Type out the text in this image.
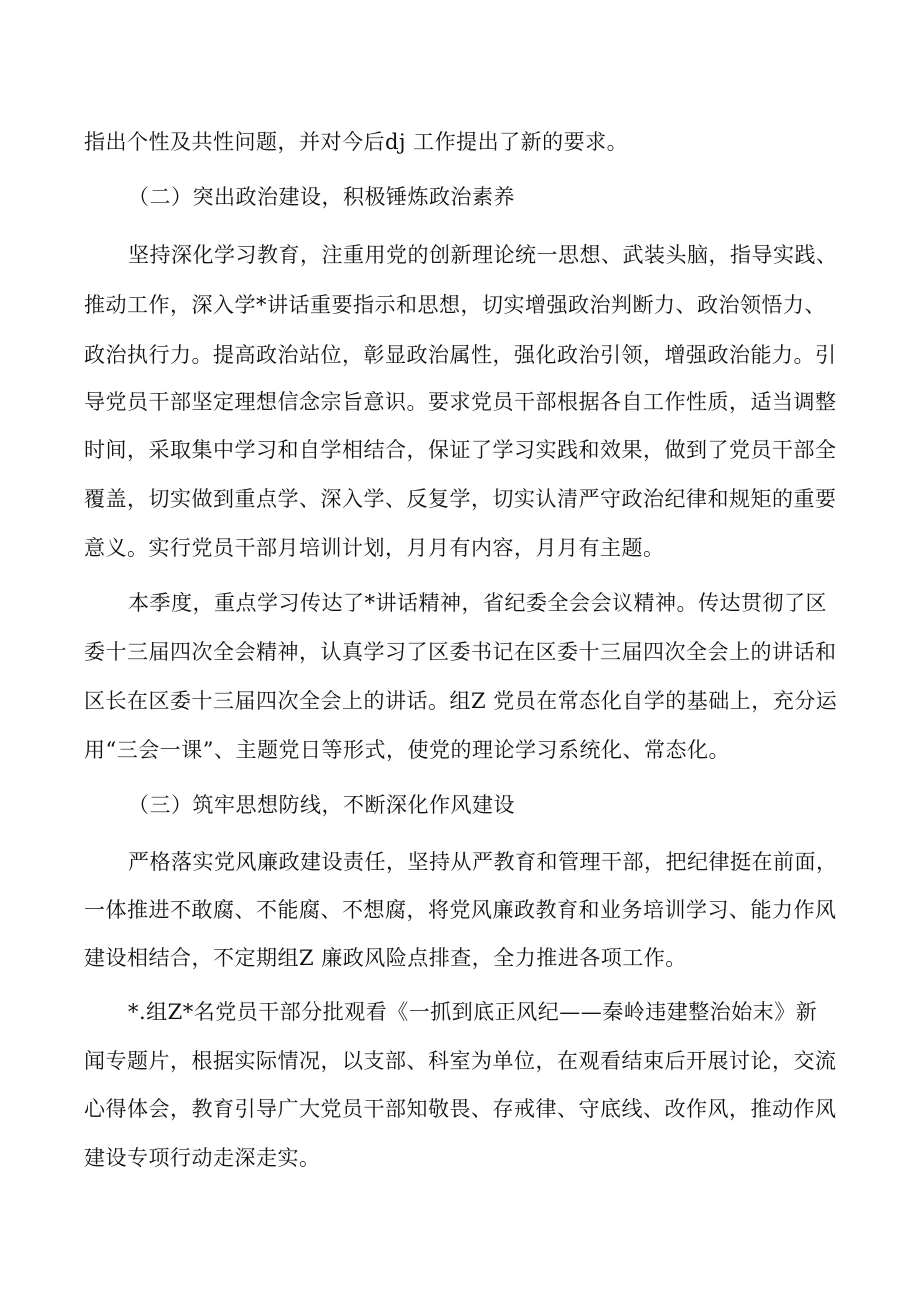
指出个性及共性问题，并对今后dj 工作提出了新的要求。
（二）突出政治建设，积极锤炼政治素养
坚持深化学习教育，注重用党的创新理论统一思想、武装头脑，指导实践、
推动工作，深入学*讲话重要指示和思想，切实增强政治判断力、政治领悟力、
政治执行力。提高政治站位，彰显政治属性，强化政治引领，增强政治能力。引
导党员干部坚定理想信念宗旨意识。要求党员干部根据各自工作性质，适当调整
时间，采取集中学习和自学相结合，保证了学习实践和效果，做到了党员干部全
覆盖，切实做到重点学、深入学、反复学，切实认清严守政治纪律和规矩的重要
意义。实行党员干部月培训计划，月月有内容，月月有主题。
本季度，重点学习传达了*讲话精神，省纪委全会会议精神。传达贯彻了区
委十三届四次全会精神，认真学习了区委书记在区委十三届四次全会上的讲话和
区长在区委十三届四次全会上的讲话。组Z 党员在常态化自学的基础上，充分运
用“三会一课”、主题党日等形式，使党的理论学习系统化、常态化。
（三）筑牢思想防线，不断深化作风建设
严格落实党风廉政建设责任，坚持从严教育和管理干部，把纪律挺在前面，
一体推进不敢腐、不能腐、不想腐，将党风廉政教育和业务培训学习、能力作风
建设相结合，不定期组Z 廉政风险点排查，全力推进各项工作。
*.组Z*名党员干部分批观看《一抓到底正风纪——秦岭违建整治始末》新
闻专题片，根据实际情况，以支部、科室为单位，在观看结束后开展讨论，交流
心得体会，教育引导广大党员干部知敬畏、存戒律、守底线、改作风，推动作风
建设专项行动走深走实。
